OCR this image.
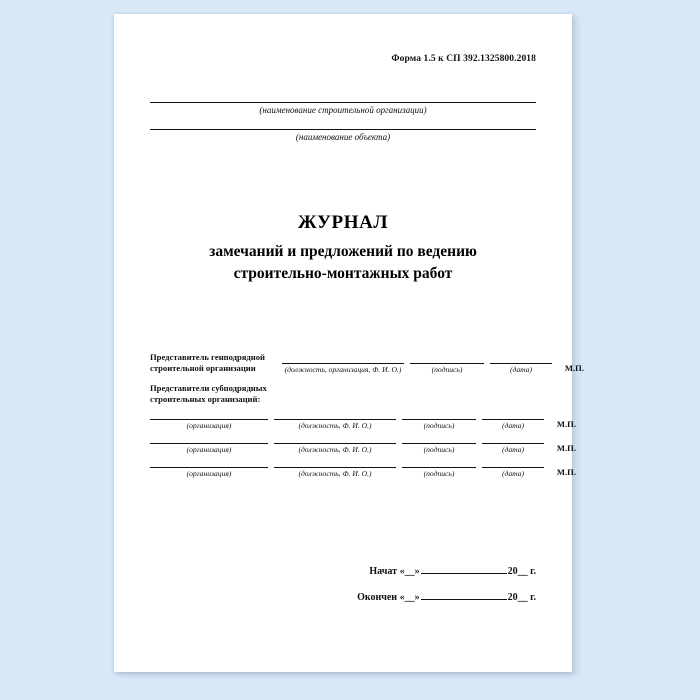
Форма 1.5 к СП 392.1325800.2018
(наименование строительной организации)
(наименование объекта)
ЖУРНАЛ
замечаний и предложений по ведению
строительно-монтажных работ
Представитель генподрядной
строительной организации	(должность, организация, Ф. И. О.)	(подпись)	(дата)	М.П.
Представители субподрядных
строительных организаций:
(организация)	(должность, Ф. И. О.)	(подпись)	(дата)	М.П.
(организация)	(должность, Ф. И. О.)	(подпись)	(дата)	М.П.
(организация)	(должность, Ф. И. О.)	(подпись)	(дата)	М.П.
Начат «__»	20__ г.
Окончен «__»	20__ г.
